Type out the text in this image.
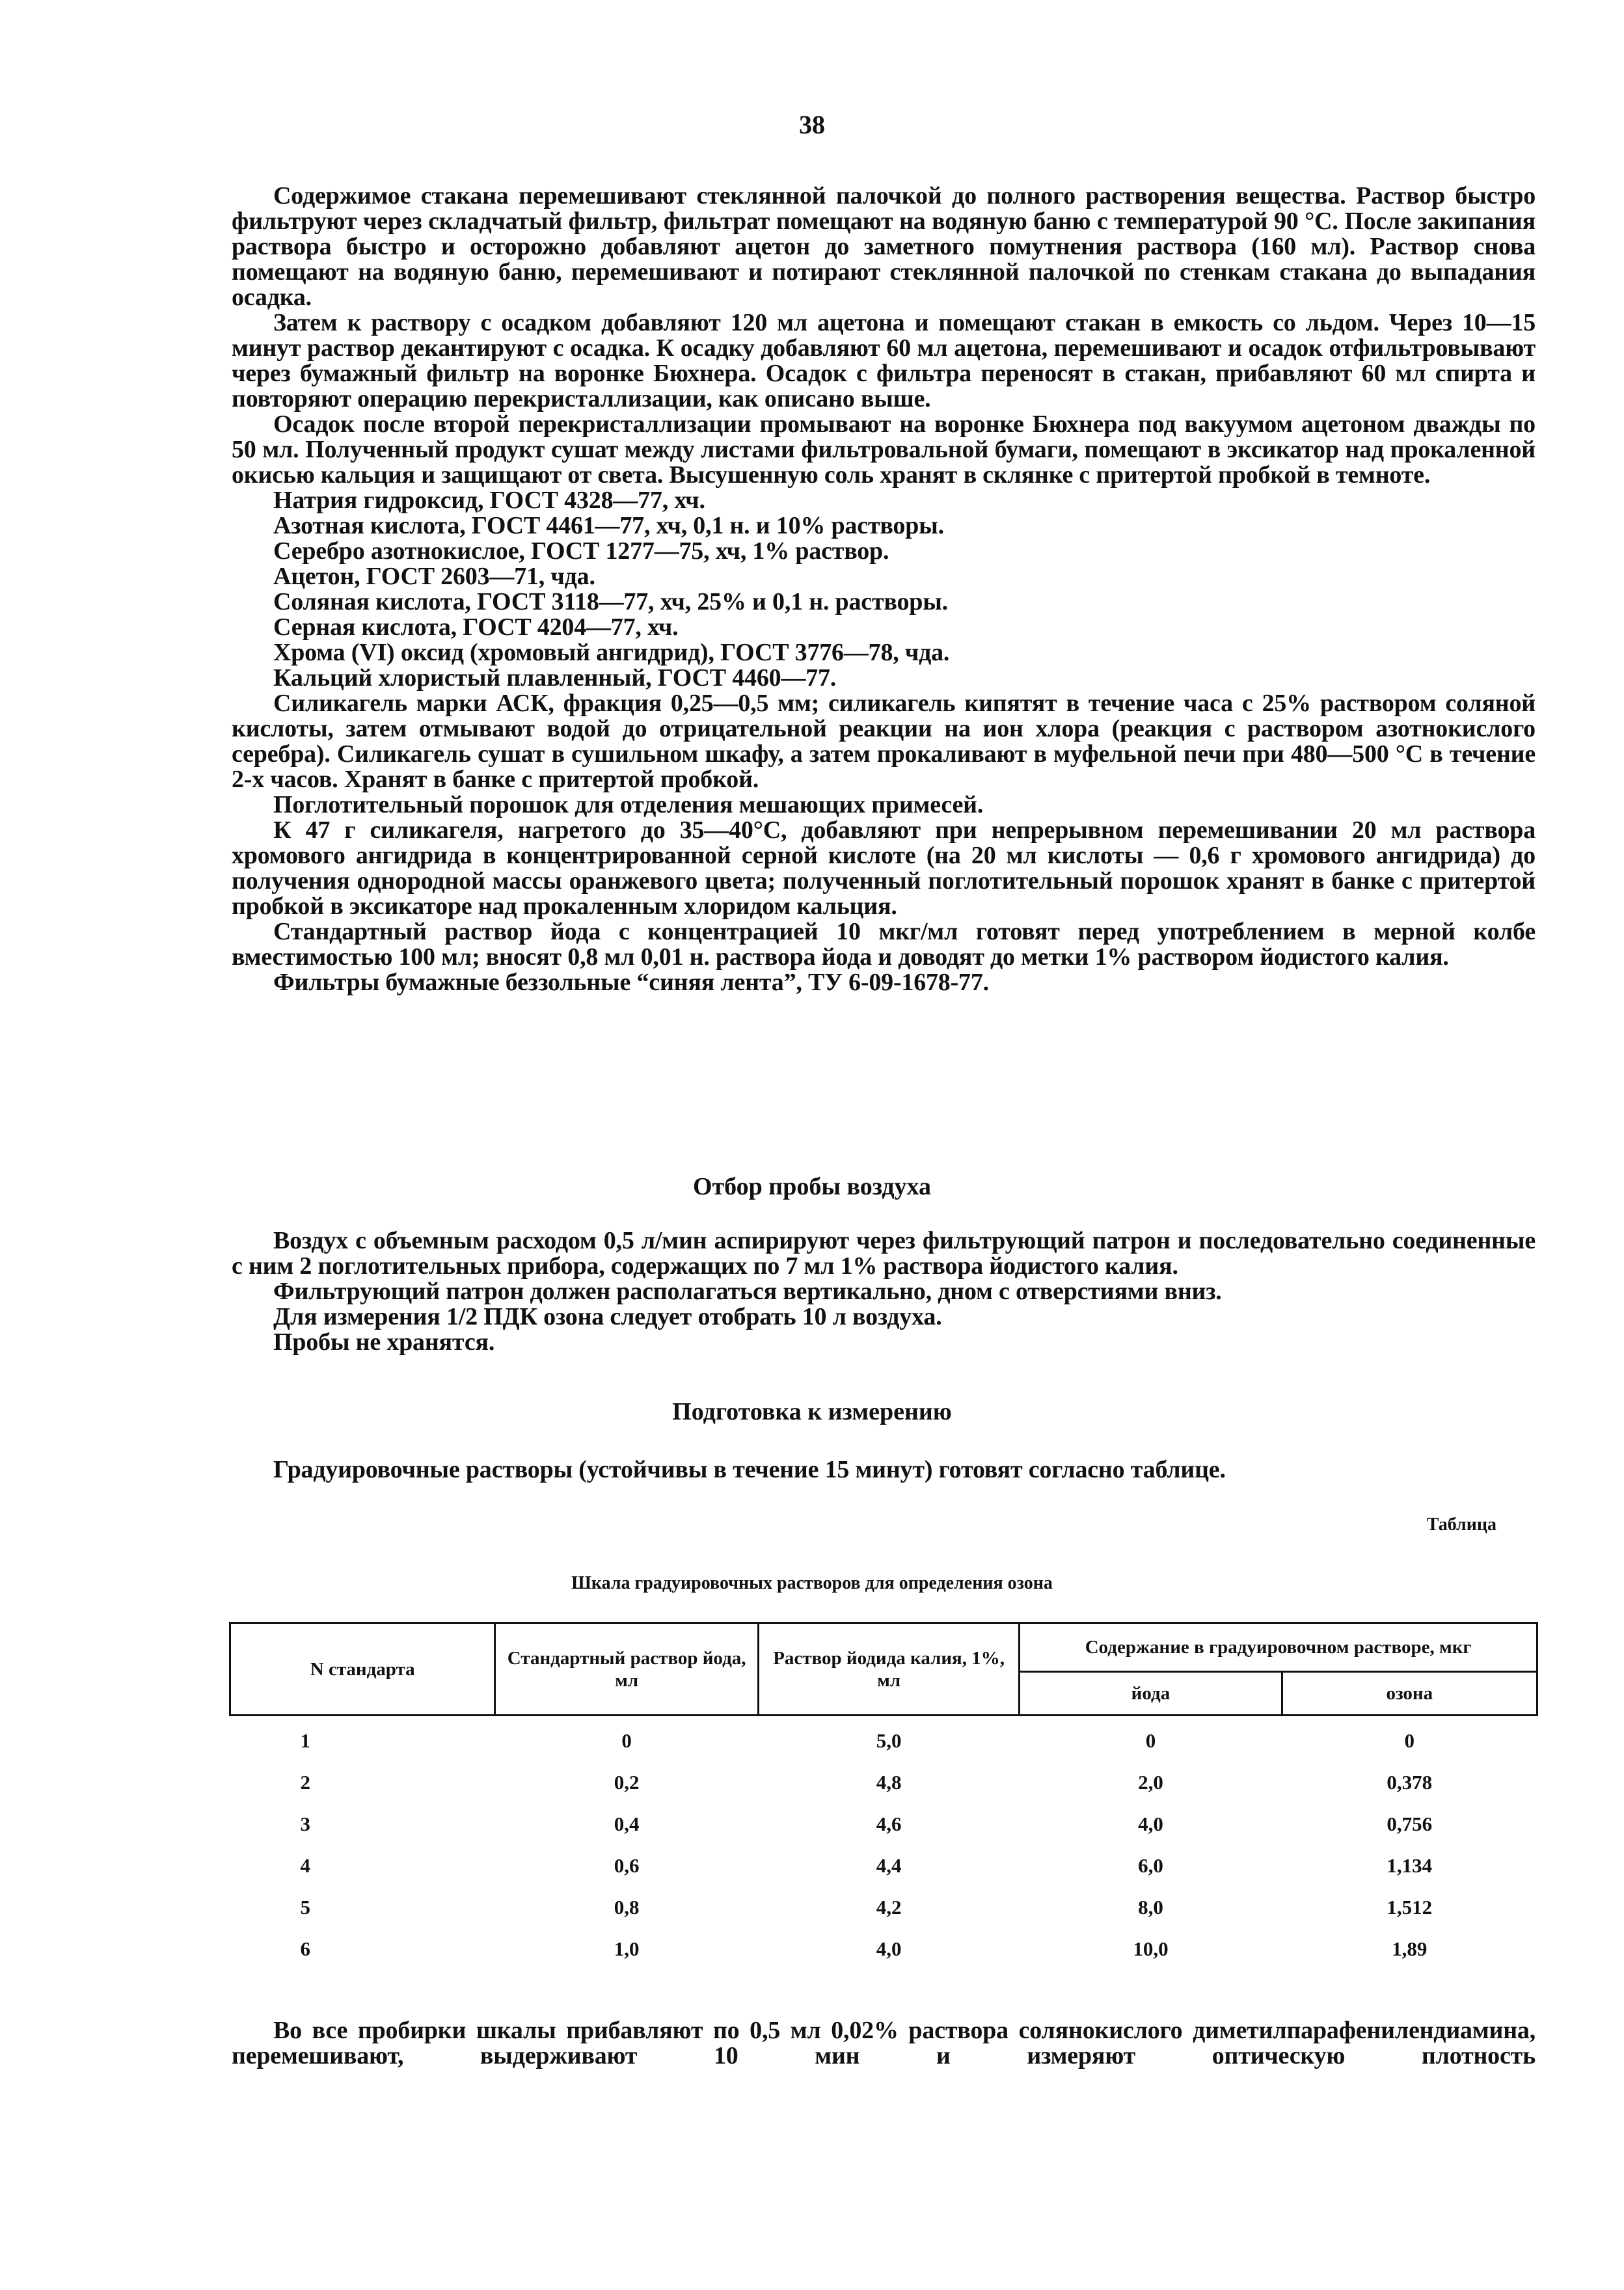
38

Содержимое стакана перемешивают стеклянной палочкой до полного растворения вещества. Раствор быстро фильтруют через складчатый фильтр, фильтрат помещают на водяную баню с температурой 90 °С. После закипания раствора быстро и осторожно добавляют ацетон до заметного помутнения раствора (160 мл). Раствор снова помещают на водяную баню, перемешивают и потирают стеклянной палочкой по стенкам стакана до выпадания осадка.

Затем к раствору с осадком добавляют 120 мл ацетона и помещают стакан в емкость со льдом. Через 10—15 минут раствор декантируют с осадка. К осадку добавляют 60 мл ацетона, перемешивают и осадок отфильтровывают через бумажный фильтр на воронке Бюхнера. Осадок с фильтра переносят в стакан, прибавляют 60 мл спирта и повторяют операцию перекристаллизации, как описано выше.

Осадок после второй перекристаллизации промывают на воронке Бюхнера под вакуумом ацетоном дважды по 50 мл. Полученный продукт сушат между листами фильтровальной бумаги, помещают в эксикатор над прокаленной окисью кальция и защищают от света. Высушенную соль хранят в склянке с притертой пробкой в темноте.

Натрия гидроксид, ГОСТ 4328—77, хч.

Азотная кислота, ГОСТ 4461—77, хч, 0,1 н. и 10% растворы.

Серебро азотнокислое, ГОСТ 1277—75, хч, 1% раствор.

Ацетон, ГОСТ 2603—71, чда.

Соляная кислота, ГОСТ 3118—77, хч, 25% и 0,1 н. растворы.

Серная кислота, ГОСТ 4204—77, хч.

Хрома (VI) оксид (хромовый ангидрид), ГОСТ 3776—78, чда.

Кальций хлористый плавленный, ГОСТ 4460—77.

Силикагель марки АСК, фракция 0,25—0,5 мм; силикагель кипятят в течение часа с 25% раствором соляной кислоты, затем отмывают водой до отрицательной реакции на ион хлора (реакция с раствором азотнокислого серебра). Силикагель сушат в сушильном шкафу, а затем прокаливают в муфельной печи при 480—500 °С в течение 2-х часов. Хранят в банке с притертой пробкой.

Поглотительный порошок для отделения мешающих примесей.

К 47 г силикагеля, нагретого до 35—40°С, добавляют при непрерывном перемешивании 20 мл раствора хромового ангидрида в концентрированной серной кислоте (на 20 мл кислоты — 0,6 г хромового ангидрида) до получения однородной массы оранжевого цвета; полученный поглотительный порошок хранят в банке с притертой пробкой в эксикаторе над прокаленным хлоридом кальция.

Стандартный раствор йода с концентрацией 10 мкг/мл готовят перед употреблением в мерной колбе вместимостью 100 мл; вносят 0,8 мл 0,01 н. раствора йода и доводят до метки 1% раствором йодистого калия.

Фильтры бумажные беззольные “синяя лента”, ТУ 6-09-1678-77.

Отбор пробы воздуха

Воздух с объемным расходом 0,5 л/мин аспирируют через фильтрующий патрон и последовательно соединенные с ним 2 поглотительных прибора, содержащих по 7 мл 1% раствора йодистого калия.

Фильтрующий патрон должен располагаться вертикально, дном с отверстиями вниз.

Для измерения 1/2 ПДК озона следует отобрать 10 л воздуха.

Пробы не хранятся.

Подготовка к измерению

Градуировочные растворы (устойчивы в течение 15 минут) готовят согласно таблице.

Таблица
Шкала градуировочных растворов для определения озона
N стандарта	Стандартный раствор йода, мл	Раствор йодида калия, 1%, мл	Содержание в градуировочном растворе, мкг	
			йода	озона
1	0	5,0	0	0
2	0,2	4,8	2,0	0,378
3	0,4	4,6	4,0	0,756
4	0,6	4,4	6,0	1,134
5	0,8	4,2	8,0	1,512
6	1,0	4,0	10,0	1,89

Во все пробирки шкалы прибавляют по 0,5 мл 0,02% раствора солянокислого диметилпарафенилендиамина, перемешивают, выдерживают 10 мин и измеряют оптическую плотность
